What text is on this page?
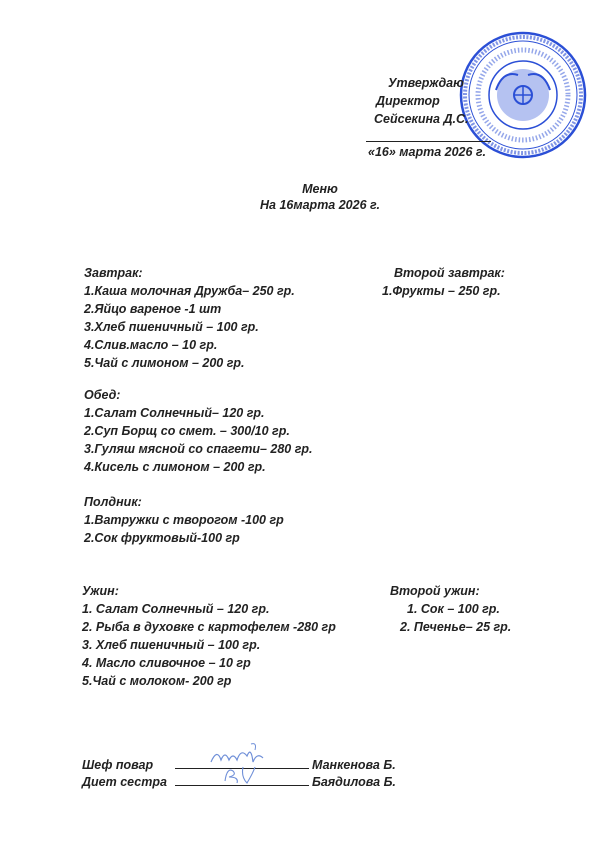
Утверждаю
Директор
Сейсекина Д.С.
«16» марта 2026 г.
Меню
На 16марта 2026 г.
Завтрак:
1.Каша молочная Дружба– 250 гр.
2.Яйцо вареное -1 шт
3.Хлеб пшеничный – 100 гр.
4.Слив.масло – 10 гр.
5.Чай с лимоном – 200 гр.
Второй завтрак:
1.Фрукты – 250 гр.
Обед:
1.Салат Солнечный– 120 гр.
2.Суп Борщ со смет. – 300/10 гр.
3.Гуляш мясной со спагети– 280 гр.
4.Кисель с лимоном – 200 гр.
Полдник:
1.Ватружки с творогом -100 гр
2.Сок фруктовый-100 гр
Ужин:
1. Салат Солнечный – 120 гр.
2. Рыба в духовке с картофелем -280 гр
3. Хлеб пшеничный – 100 гр.
4. Масло сливочное – 10 гр
5.Чай с молоком- 200 гр
Второй ужин:
1. Сок – 100 гр.
2. Печенье– 25 гр.
Шеф повар	Манкенова Б.
Диет сестра	Баядилова Б.
